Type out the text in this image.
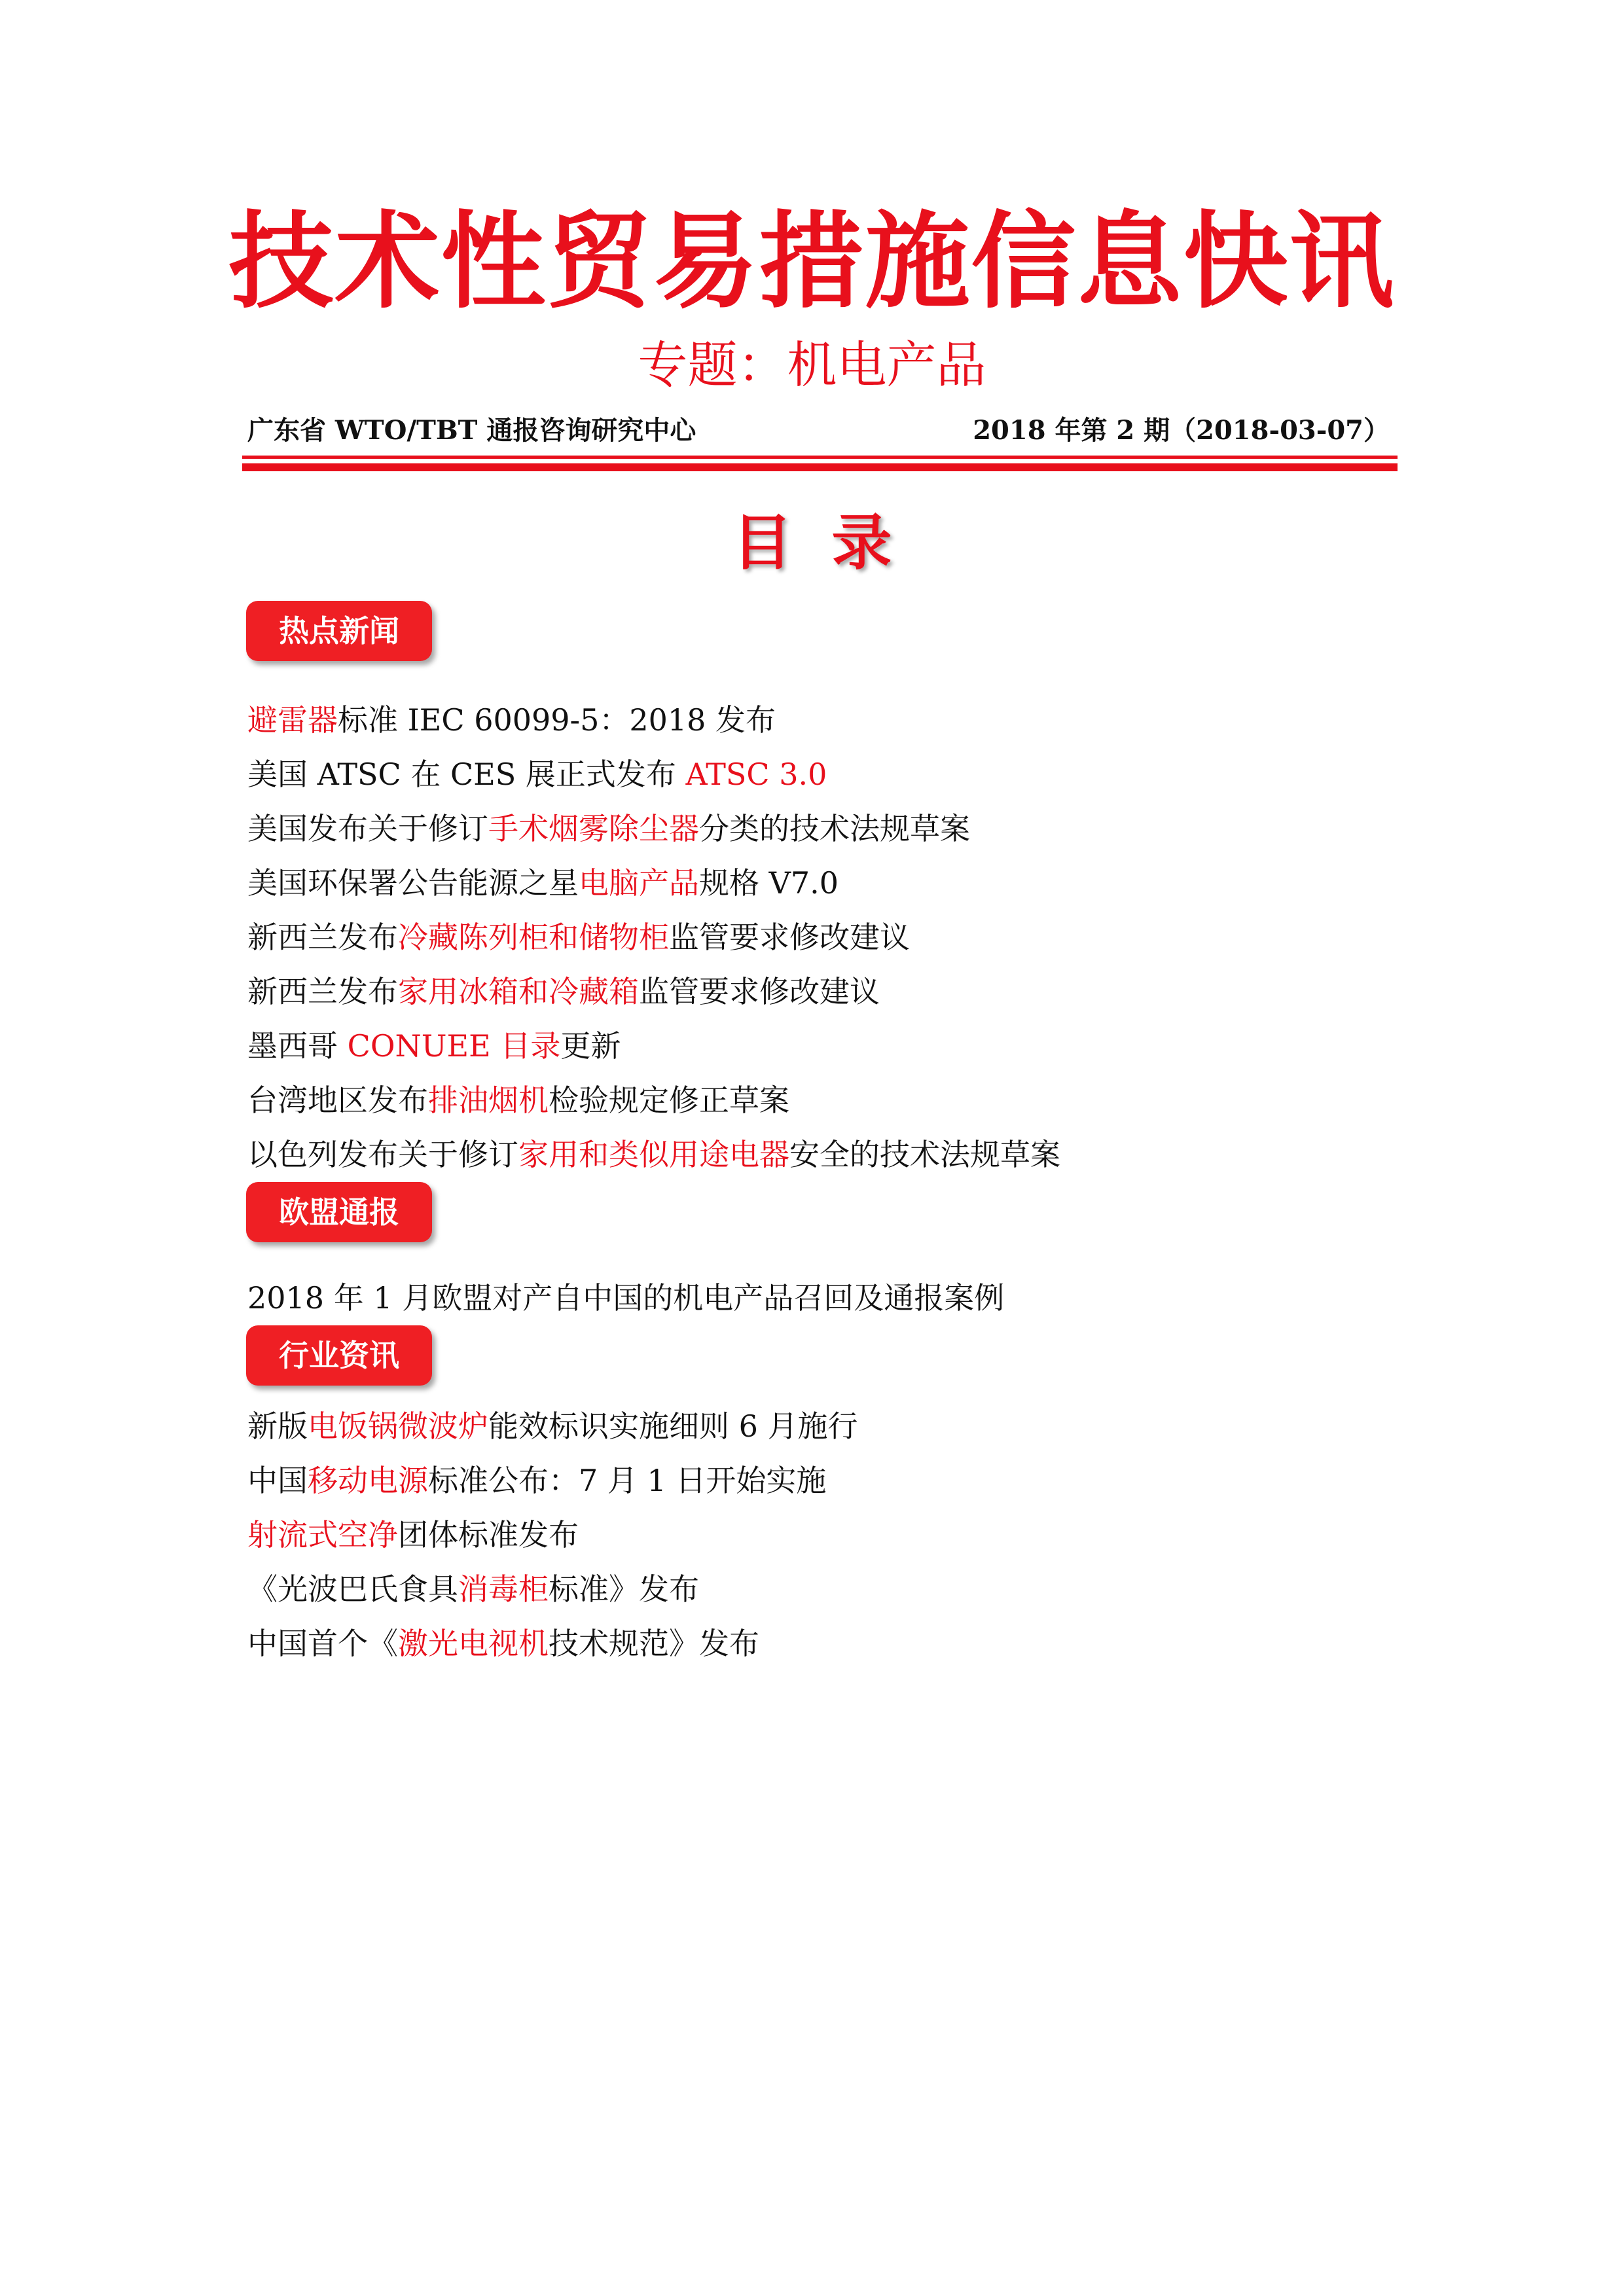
技术性贸易措施信息快讯
专题：机电产品
广东省 WTO/TBT 通报咨询研究中心	2018 年第 2 期（2018-03-07）
目录
热点新闻
避雷器标准 IEC 60099-5：2018 发布
美国 ATSC 在 CES 展正式发布 ATSC 3.0
美国发布关于修订手术烟雾除尘器分类的技术法规草案
美国环保署公告能源之星电脑产品规格 V7.0
新西兰发布冷藏陈列柜和储物柜监管要求修改建议
新西兰发布家用冰箱和冷藏箱监管要求修改建议
墨西哥 CONUEE 目录更新
台湾地区发布排油烟机检验规定修正草案
以色列发布关于修订家用和类似用途电器安全的技术法规草案
欧盟通报
2018 年 1 月欧盟对产自中国的机电产品召回及通报案例
行业资讯
新版电饭锅微波炉能效标识实施细则 6 月施行
中国移动电源标准公布：7 月 1 日开始实施
射流式空净团体标准发布
《光波巴氏食具消毒柜标准》发布
中国首个《激光电视机技术规范》发布
